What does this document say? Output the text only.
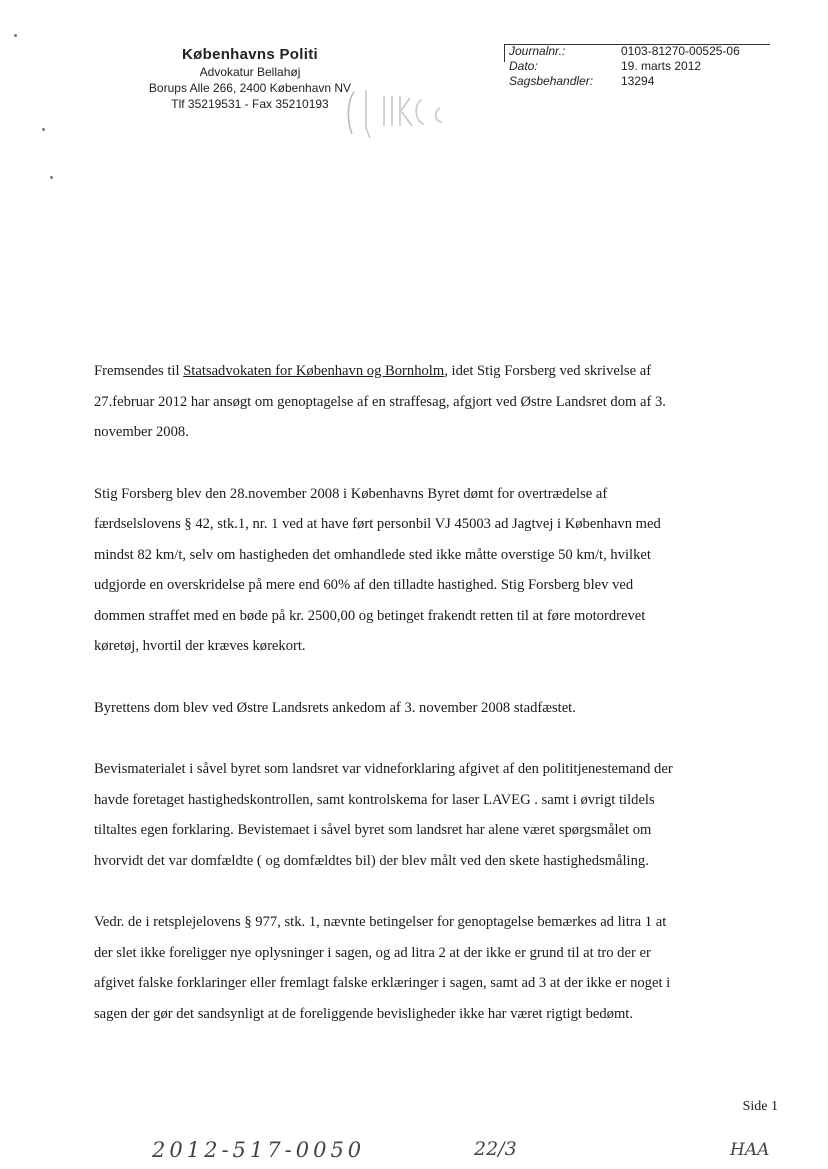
Københavns Politi
Advokatur Bellahøj
Borups Alle 266, 2400 København NV
Tlf 35219531 - Fax 35210193
Journalnr.:	0103-81270-00525-06
Dato:	19. marts 2012
Sagsbehandler:	13294

Fremsendes til Statsadvokaten for København og Bornholm, idet Stig Forsberg ved skrivelse af 27.februar 2012 har ansøgt om genoptagelse af en straffesag, afgjort ved Østre Landsret dom af 3. november 2008.

Stig Forsberg blev den 28.november 2008 i Københavns Byret dømt for overtrædelse af færdselslovens § 42, stk.1, nr. 1 ved at have ført personbil VJ 45003 ad Jagtvej i København med mindst 82 km/t, selv om hastigheden det omhandlede sted ikke måtte overstige 50 km/t, hvilket udgjorde en overskridelse på mere end 60% af den tilladte hastighed. Stig Forsberg blev ved dommen straffet med en bøde på kr. 2500,00 og betinget frakendt retten til at føre motordrevet køretøj, hvortil der kræves kørekort.

Byrettens dom blev ved Østre Landsrets ankedom af 3. november 2008 stadfæstet.

Bevismaterialet i såvel byret som landsret var vidneforklaring afgivet af den polititjenestemand der havde foretaget hastighedskontrollen, samt kontrolskema for laser LAVEG . samt i øvrigt tildels tiltaltes egen forklaring. Bevistemaet i såvel byret som landsret har alene været spørgsmålet om hvorvidt det var domfældte ( og domfældtes bil) der blev målt ved den skete hastighedsmåling.

Vedr. de i retsplejelovens § 977, stk. 1, nævnte betingelser for genoptagelse bemærkes ad litra 1 at der slet ikke foreligger nye oplysninger i sagen, og ad litra 2 at der ikke er grund til at tro der er afgivet falske forklaringer eller fremlagt falske erklæringer i sagen, samt ad 3 at der ikke er noget i sagen der gør det sandsynligt at de foreliggende bevisligheder ikke har været rigtigt bedømt.

Side 1
2012-517-0050	22/3	HAA
